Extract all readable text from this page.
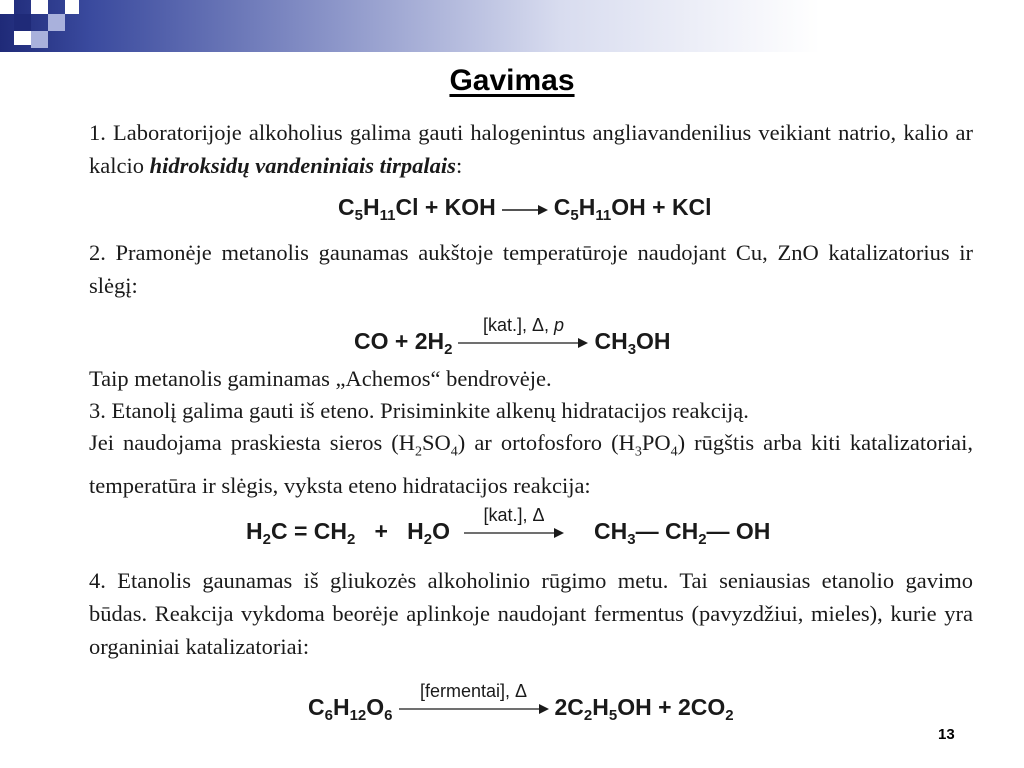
Gavimas

1. Laboratorijoje alkoholius galima gauti halogenintus angliavandenilius veikiant natrio, kalio ar kalcio hidroksidų vandeniniais tirpalais:

$C_5H_{11}Cl$ + KOH → $C_5H_{11}OH$ + KCl

2. Pramonėje metanolis gaunamas aukštoje temperatūroje naudojant Cu, ZnO katalizatorius ir slėgį:

CO + $2H_2$
[kat.], Δ, p
$CH_3OH$

Taip metanolis gaminamas „Achemos“ bendrovėje.

3. Etanolį galima gauti iš eteno. Prisiminkite alkenų hidratacijos reakciją.

Jei naudojama praskiesta sieros $(H_2SO_4)$ ar ortofosforo $(H_3PO_4)$ rūgštis arba kiti katalizatoriai, temperatūra ir slėgis, vyksta eteno hidratacijos reakcija:

$H_2C = CH_2 + H_2O$
[kat.], Δ
$CH_3—$ $CH_2—$ OH

4. Etanolis gaunamas iš gliukozės alkoholinio rūgimo metu. Tai seniausias etanolio gavimo būdas. Reakcija vykdoma beorėje aplinkoje naudojant fermentus (pavyzdžiui, mieles), kurie yra organiniai katalizatoriai:

$C_6H_{12}O_6$
[fermentai], Δ
$2C_2H_5OH + 2CO_2$
13
